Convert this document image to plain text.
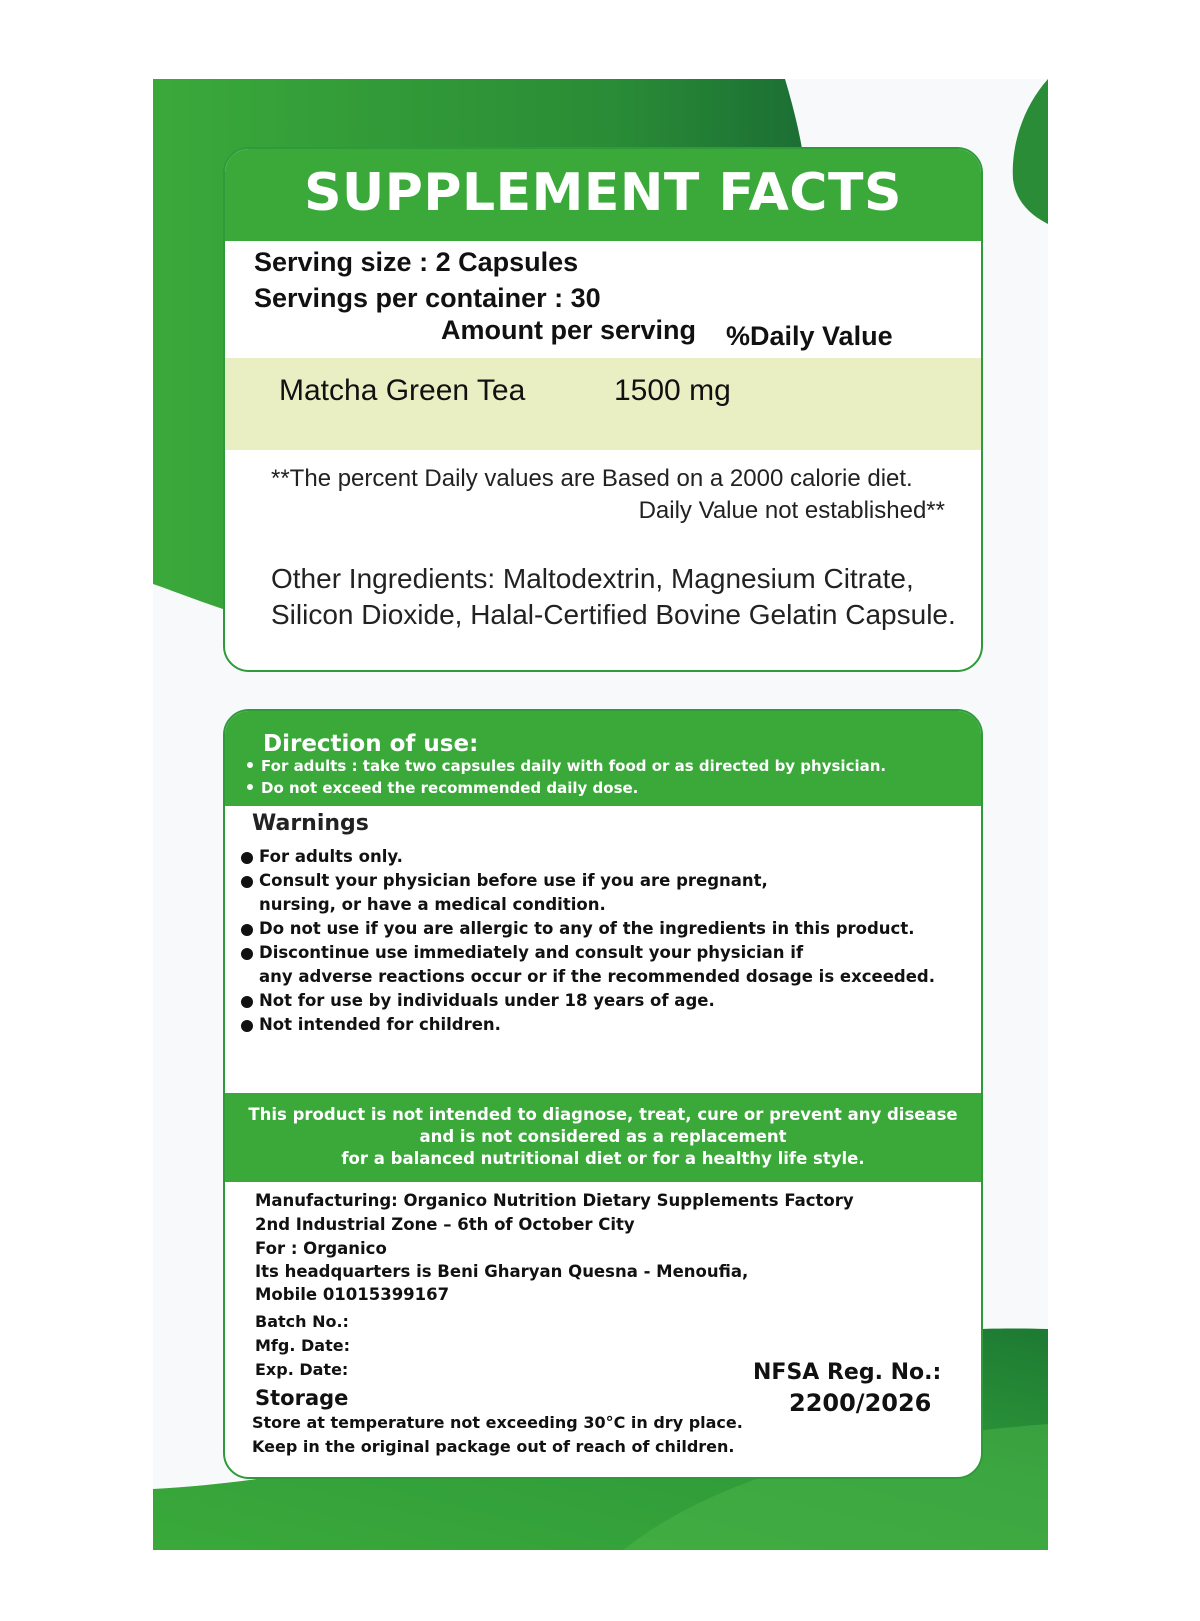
SUPPLEMENT FACTS
Serving size : 2 Capsules
Servings per container : 30
Amount per serving %Daily Value
Matcha Green Tea	1500 mg
**The percent Daily values are Based on a 2000 calorie diet.
Daily Value not established**
Other Ingredients: Maltodextrin, Magnesium Citrate, Silicon Dioxide, Halal-Certified Bovine Gelatin Capsule.
Direction of use:
For adults : take two capsules daily with food or as directed by physician.
Do not exceed the recommended daily dose.
Warnings
For adults only.
Consult your physician before use if you are pregnant,
nursing, or have a medical condition.
Do not use if you are allergic to any of the ingredients in this product.
Discontinue use immediately and consult your physician if
any adverse reactions occur or if the recommended dosage is exceeded.
Not for use by individuals under 18 years of age.
Not intended for children.
This product is not intended to diagnose, treat, cure or prevent any disease
and is not considered as a replacement
for a balanced nutritional diet or for a healthy life style.
Manufacturing: Organico Nutrition Dietary Supplements Factory
2nd Industrial Zone – 6th of October City
For : Organico
Its headquarters is Beni Gharyan Quesna - Menoufia,
Mobile 01015399167
Batch No.:
Mfg. Date:
Exp. Date:	NFSA Reg. No.:
2200/2026
Storage
Store at temperature not exceeding 30°C in dry place.
Keep in the original package out of reach of children.
